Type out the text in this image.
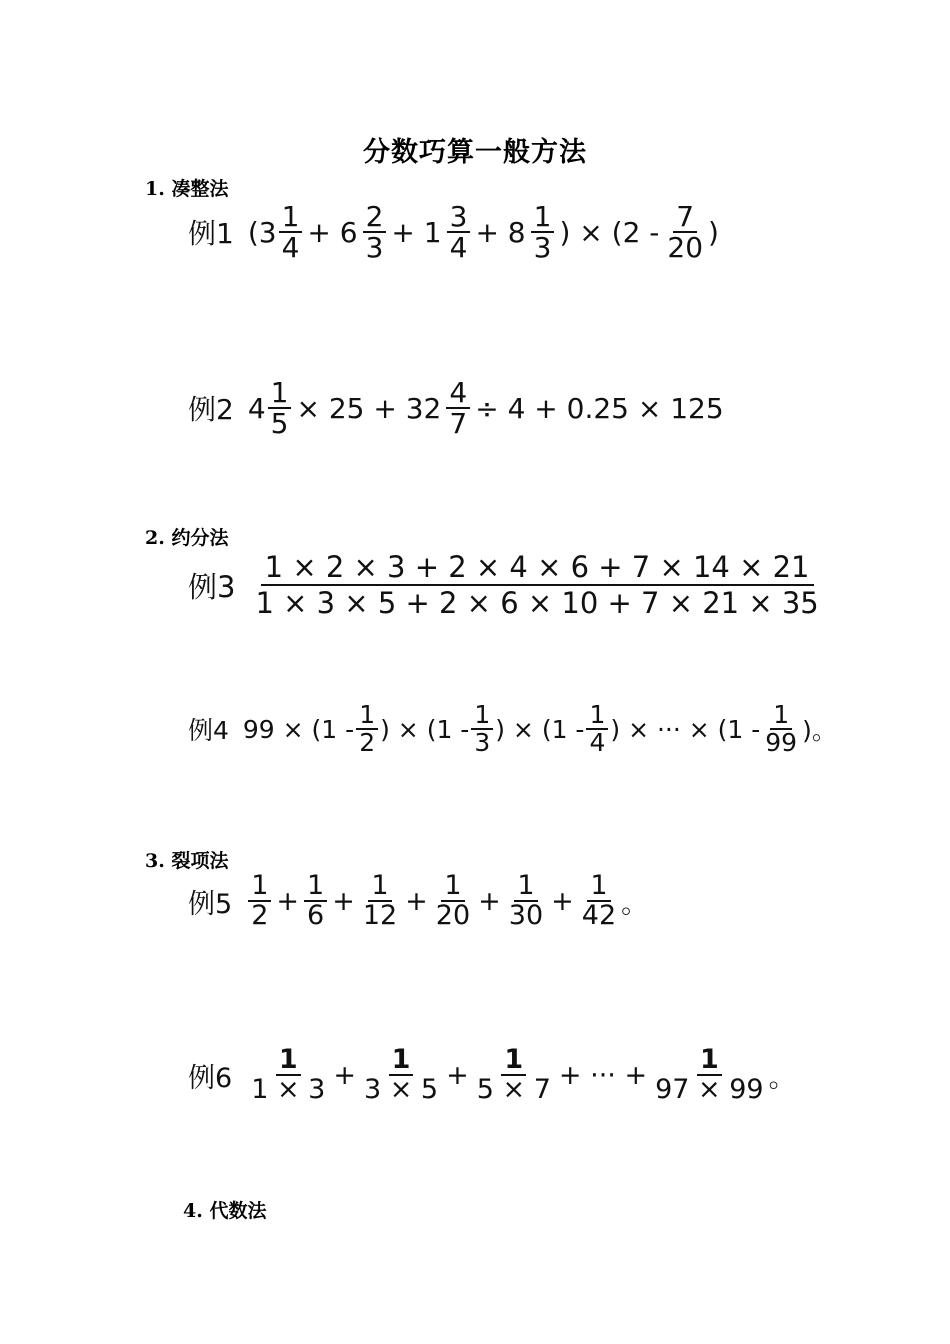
分数巧算一般方法
1. 凑整法
例1 ($3 \frac{1}{4} + 6 \frac{2}{3} + 1 \frac{3}{4} + 8 \frac{1}{3}$ ) × ($2 - \frac{7}{20}$ )
例2 $4 \frac{1}{5} \times 25 + 32 \frac{4}{7} \div 4 + 0.25 \times 125$
2. 约分法
例$3 \frac{1 \times 2 \times 3 + 2 \times 4 \times 6 + 7 \times 14 \times 21}{1 \times 3 \times 5 + 2 \times 6 \times 10 + 7 \times 21 \times 35}$
例4 $99 \times (1 - \frac{1}{2}$ ) × ($1 - \frac{1}{3}$ ) × ($1 - \frac{1}{4}$ ) × ··· × ($1 - \frac{1}{99}$ )。
3. 裂项法
例$5 \frac{1}{2} + \frac{1}{6} + \frac{1}{12} + \frac{1}{20} + \frac{1}{30} + \frac{1}{42}$ 。
例$6 \frac{1}{1 \times 3} + \frac{1}{3 \times 5} + \frac{1}{5 \times 7}$ + ··· + $\frac{1}{97 \times 99}$ 。
4. 代数法
